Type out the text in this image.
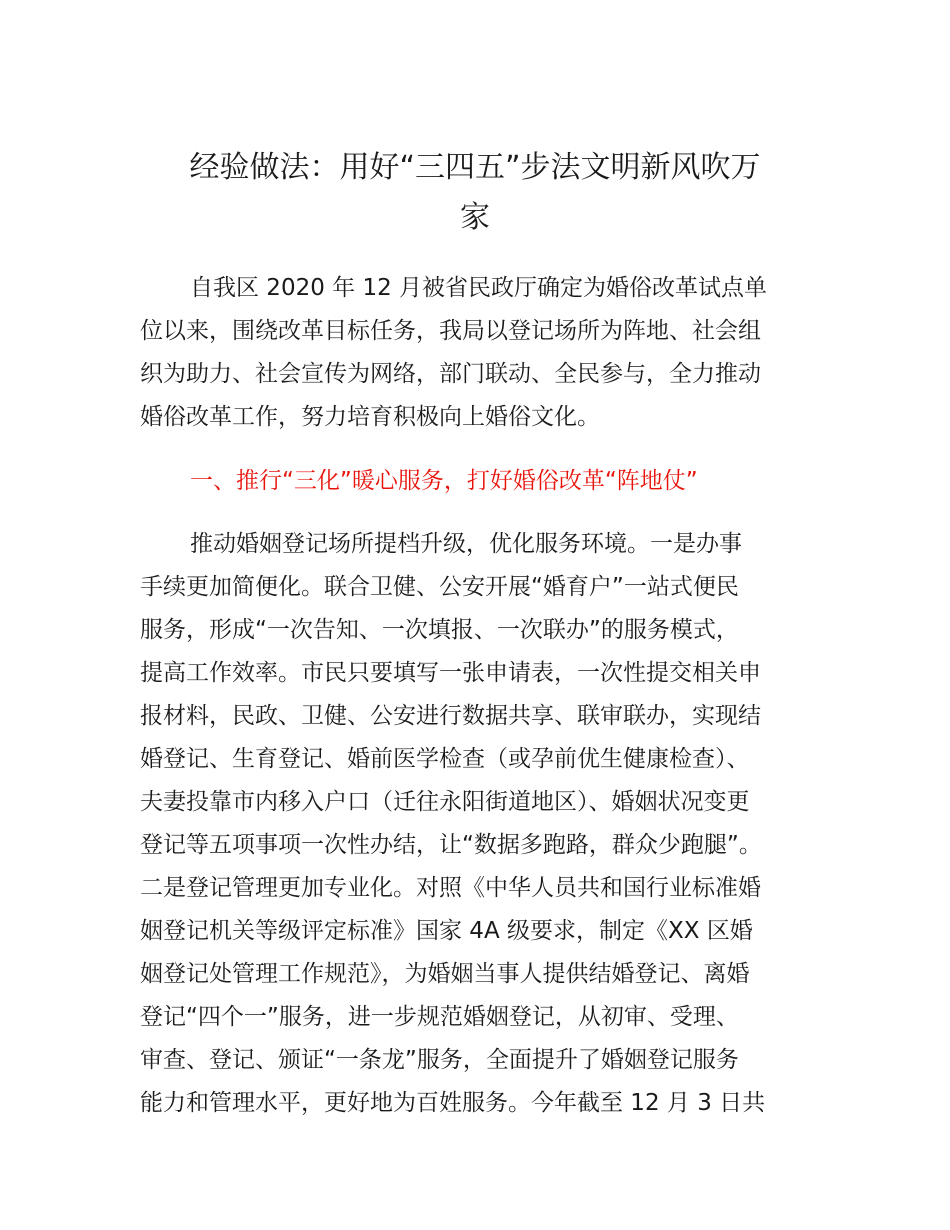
经验做法：用好“三四五”步法文明新风吹万
家
自我区 2020 年 12 月被省民政厅确定为婚俗改革试点单
位以来，围绕改革目标任务，我局以登记场所为阵地、社会组
织为助力、社会宣传为网络，部门联动、全民参与，全力推动
婚俗改革工作，努力培育积极向上婚俗文化。
一、推行“三化”暖心服务，打好婚俗改革“阵地仗”
推动婚姻登记场所提档升级，优化服务环境。一是办事
手续更加简便化。联合卫健、公安开展“婚育户”一站式便民
服务，形成“一次告知、一次填报、一次联办”的服务模式，
提高工作效率。市民只要填写一张申请表，一次性提交相关申
报材料，民政、卫健、公安进行数据共享、联审联办，实现结
婚登记、生育登记、婚前医学检查（或孕前优生健康检查）、
夫妻投靠市内移入户口（迁往永阳街道地区）、婚姻状况变更
登记等五项事项一次性办结，让“数据多跑路，群众少跑腿”。
二是登记管理更加专业化。对照《中华人员共和国行业标准婚
姻登记机关等级评定标准》国家 4A 级要求，制定《XX 区婚
姻登记处管理工作规范》，为婚姻当事人提供结婚登记、离婚
登记“四个一”服务，进一步规范婚姻登记，从初审、受理、
审查、登记、颁证“一条龙”服务，全面提升了婚姻登记服务
能力和管理水平，更好地为百姓服务。今年截至 12 月 3 日共
